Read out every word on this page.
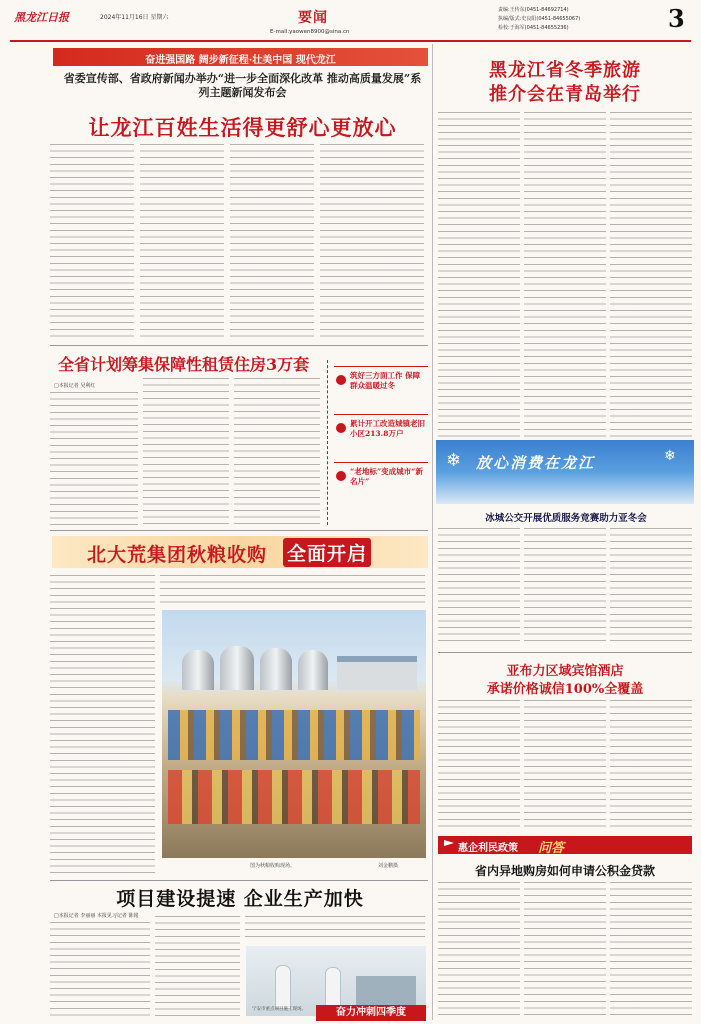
黑龙江日报	2024年11月16日 星期六	要闻
E-mail:yaowen8900@sina.cn
责编:王传东(0451-84692714)
执编/版式:史良阳(0451-84655067)
检校:于海军(0451-84655236)	3
奋进强国路 阔步新征程·壮美中国 现代龙江
省委宣传部、省政府新闻办举办“进一步全面深化改革 推动高质量发展”系列主题新闻发布会
让龙江百姓生活得更舒心更放心
全省计划筹集保障性租赁住房3万套
□本报记者 吴利红
筑好三方面工作 保障群众温暖过冬
累计开工改造城镇老旧小区213.8万户
“老地标”变成城市“新名片”
北大荒集团秋粮收购 全面开启
图为秋粮收购现场。	刘金鹏摄
项目建设提速 企业生产加快
□本报记者 李丽丽 本报见习记者 陈铭
宁安市重点项目施工现场。	奋力冲刺四季度
黑龙江省冬季旅游
推介会在青岛举行
❄ 放心消费在龙江	❄
冰城公交开展优质服务竞赛助力亚冬会
亚布力区域宾馆酒店
承诺价格诚信100%全覆盖
惠企利民政策 问答
省内异地购房如何申请公积金贷款
